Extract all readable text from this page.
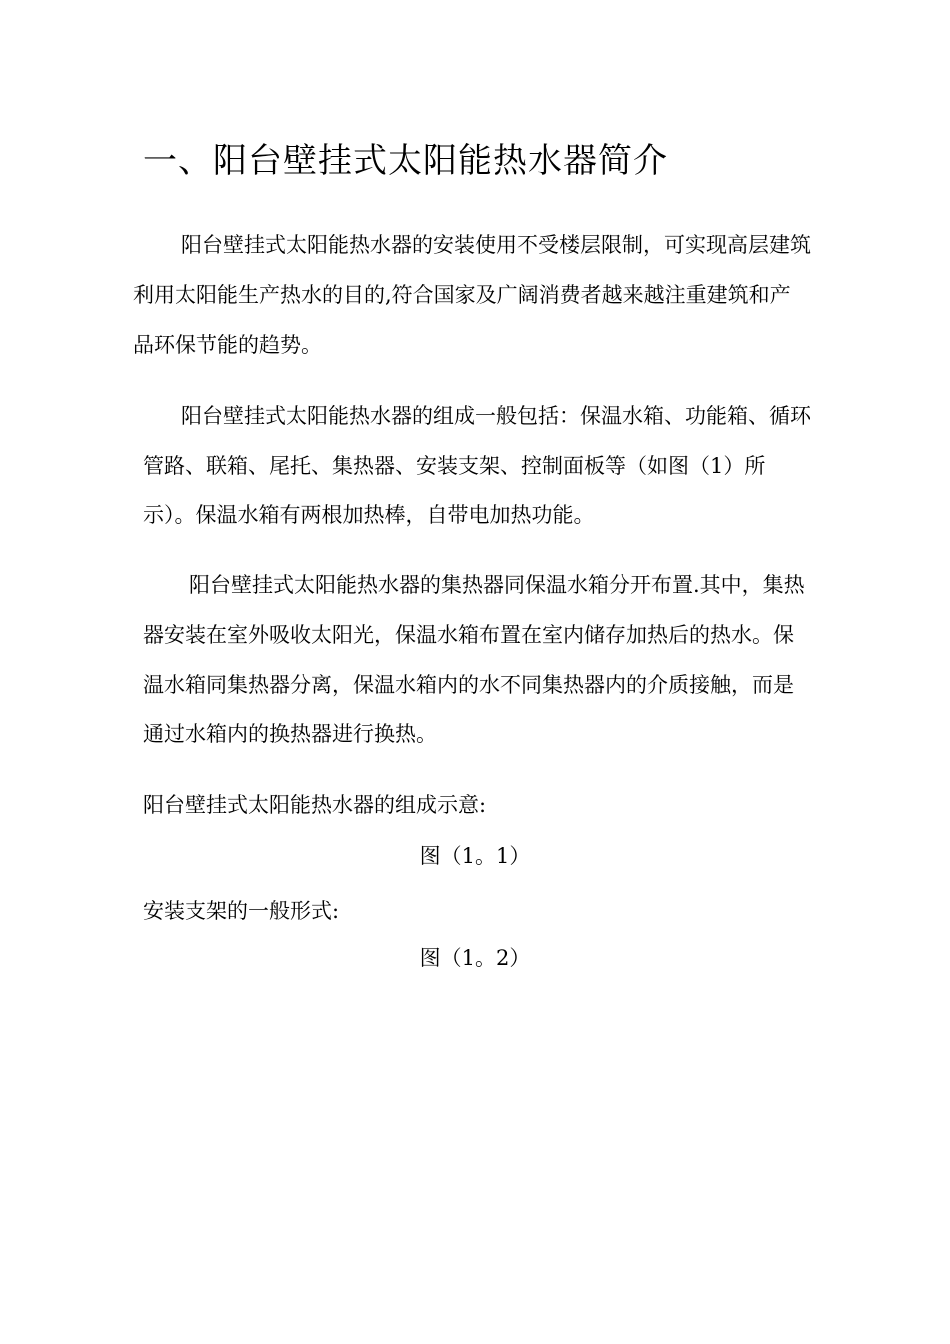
一、阳台壁挂式太阳能热水器简介
阳台壁挂式太阳能热水器的安装使用不受楼层限制，可实现高层建筑
利用太阳能生产热水的目的,符合国家及广阔消费者越来越注重建筑和产
品环保节能的趋势。
阳台壁挂式太阳能热水器的组成一般包括：保温水箱、功能箱、循环
管路、联箱、尾托、集热器、安装支架、控制面板等（如图（1）所
示）。保温水箱有两根加热棒，自带电加热功能。
阳台壁挂式太阳能热水器的集热器同保温水箱分开布置.其中，集热
器安装在室外吸收太阳光，保温水箱布置在室内储存加热后的热水。保
温水箱同集热器分离，保温水箱内的水不同集热器内的介质接触，而是
通过水箱内的换热器进行换热。
阳台壁挂式太阳能热水器的组成示意:
图（1。1）
安装支架的一般形式:
图（1。2）
